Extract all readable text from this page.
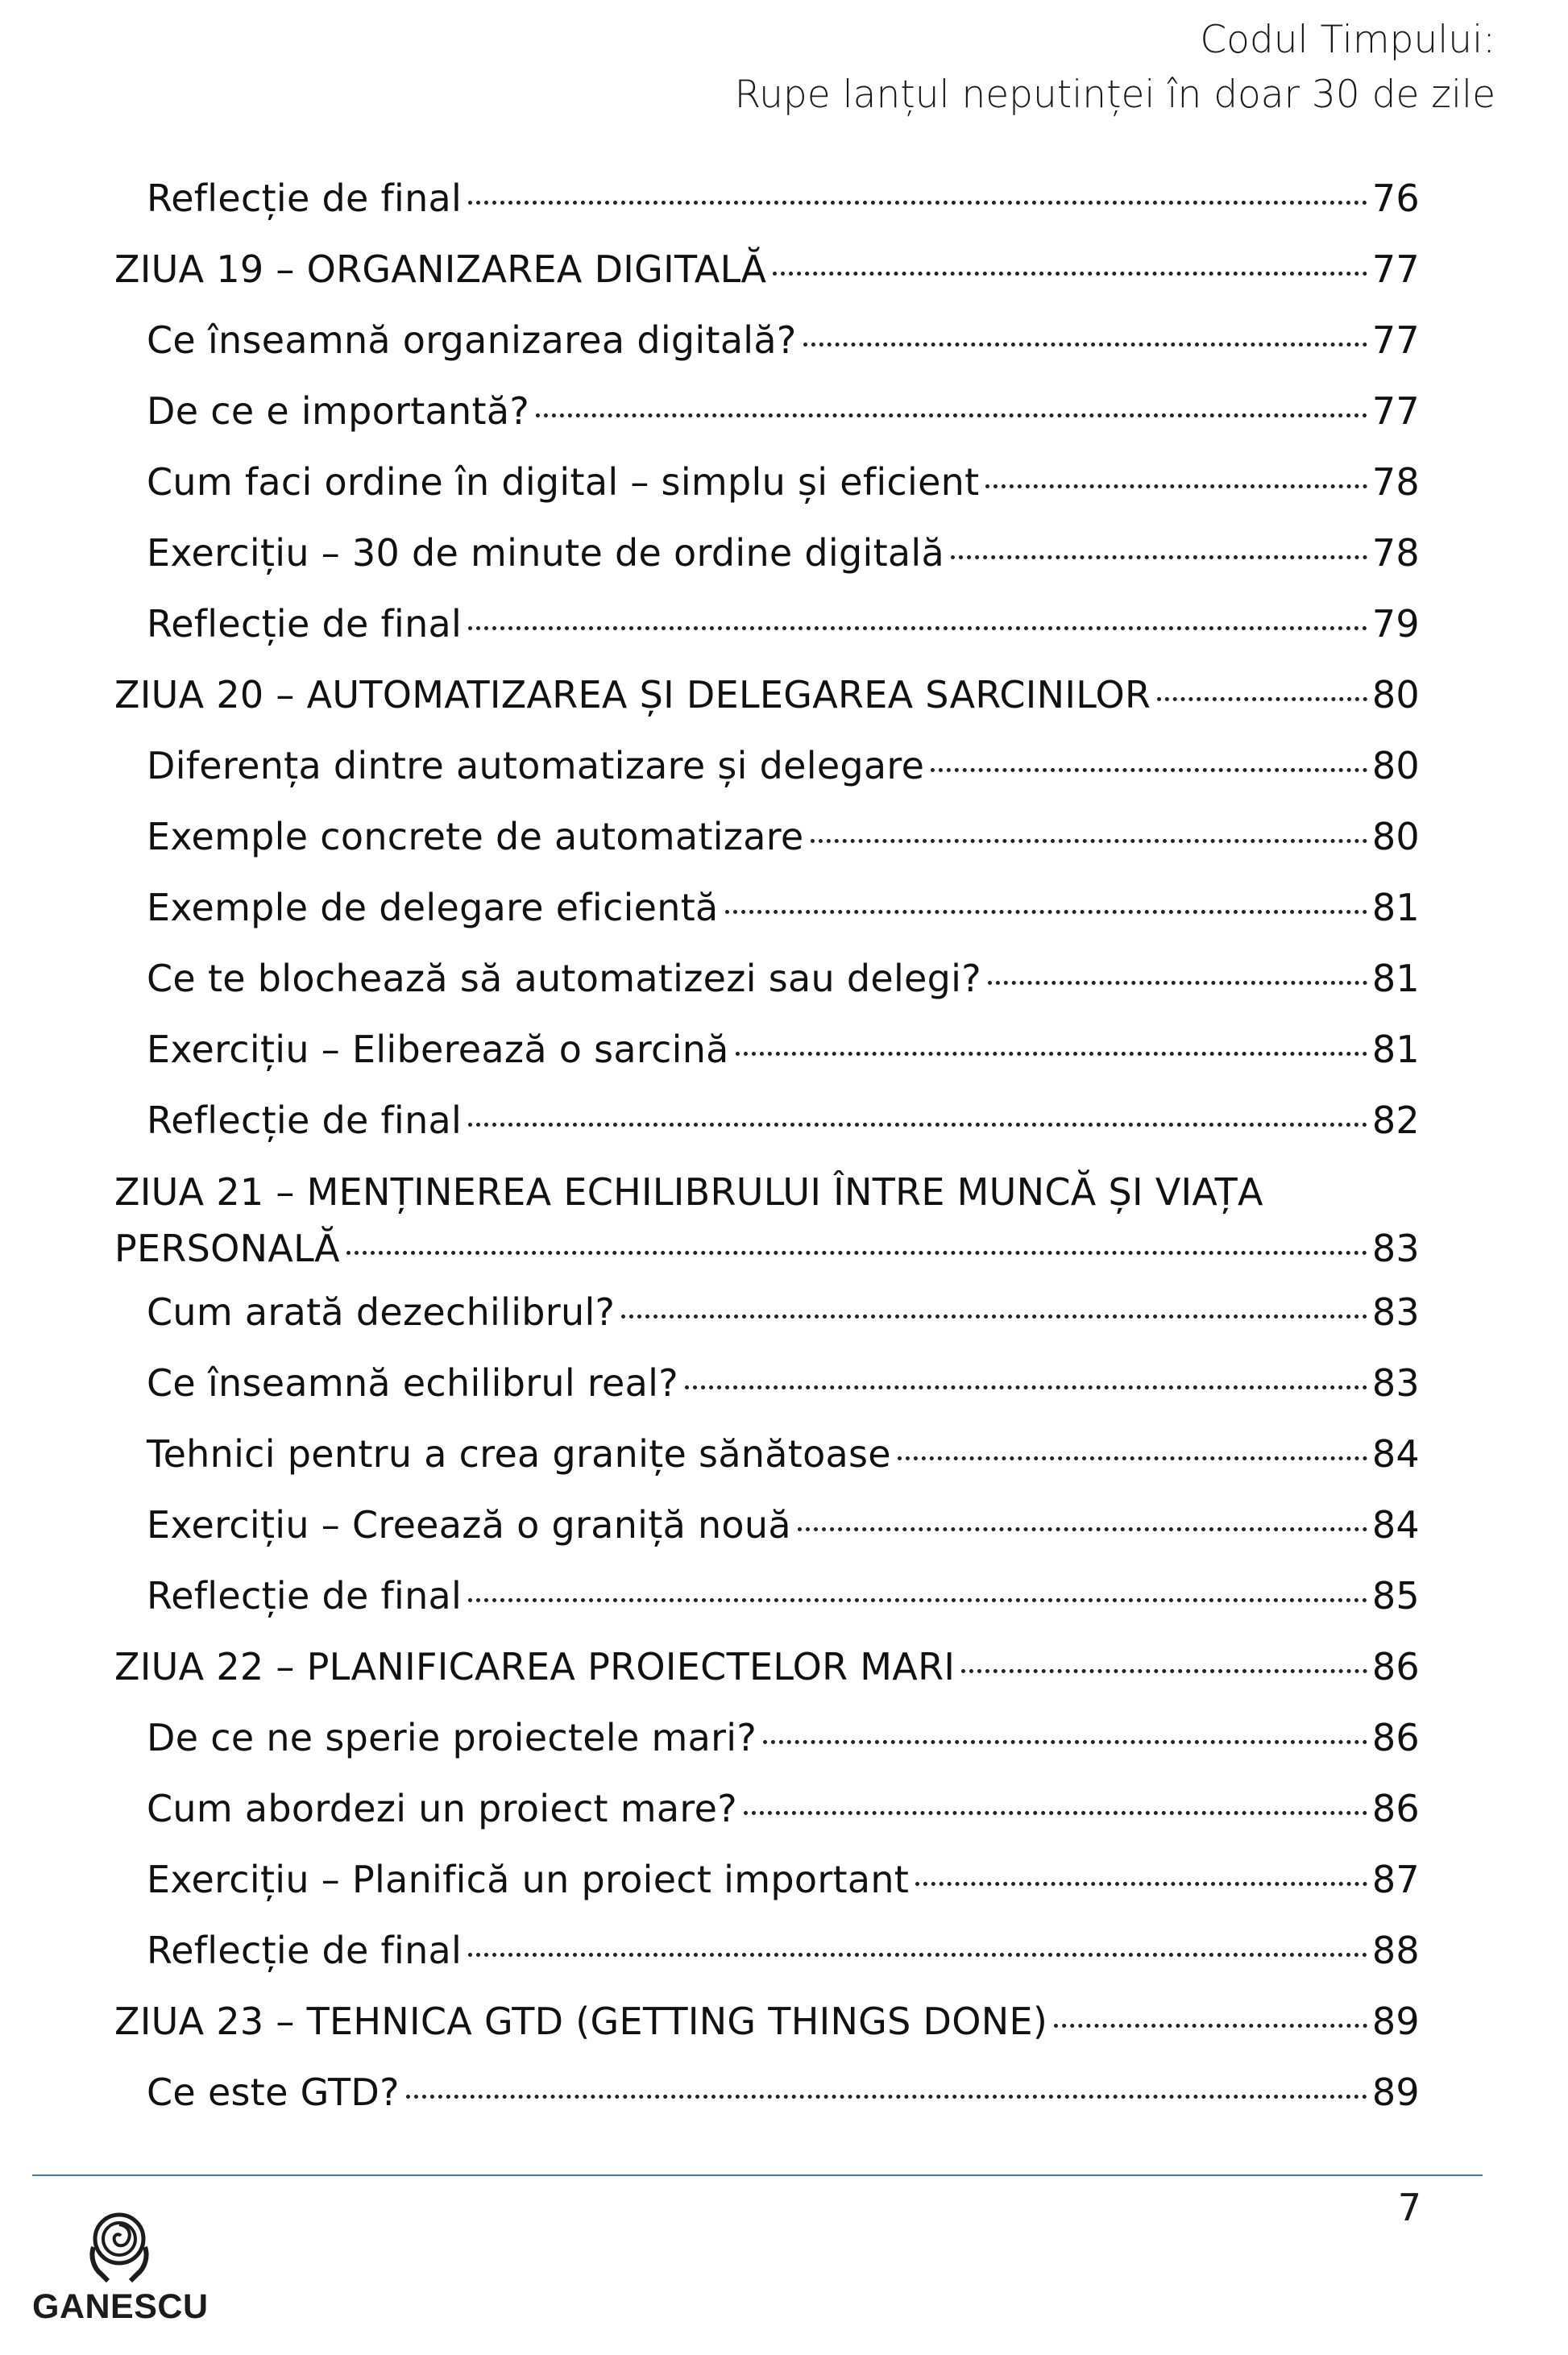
Codul Timpului:
Rupe lanțul neputinței în doar 30 de zile
Reflecție de final	76
ZIUA 19 – ORGANIZAREA DIGITALĂ	77
Ce înseamnă organizarea digitală?	77
De ce e importantă?	77
Cum faci ordine în digital – simplu și eficient	78
Exercițiu – 30 de minute de ordine digitală	78
Reflecție de final	79
ZIUA 20 – AUTOMATIZAREA ȘI DELEGAREA SARCINILOR	80
Diferența dintre automatizare și delegare	80
Exemple concrete de automatizare	80
Exemple de delegare eficientă	81
Ce te blochează să automatizezi sau delegi?	81
Exercițiu – Eliberează o sarcină	81
Reflecție de final	82
ZIUA 21 – MENȚINEREA ECHILIBRULUI ÎNTRE MUNCĂ ȘI VIAȚA
PERSONALĂ	83
Cum arată dezechilibrul?	83
Ce înseamnă echilibrul real?	83
Tehnici pentru a crea granițe sănătoase	84
Exercițiu – Creează o graniță nouă	84
Reflecție de final	85
ZIUA 22 – PLANIFICAREA PROIECTELOR MARI	86
De ce ne sperie proiectele mari?	86
Cum abordezi un proiect mare?	86
Exercițiu – Planifică un proiect important	87
Reflecție de final	88
ZIUA 23 – TEHNICA GTD (GETTING THINGS DONE)	89
Ce este GTD?	89
7
GANESCU
